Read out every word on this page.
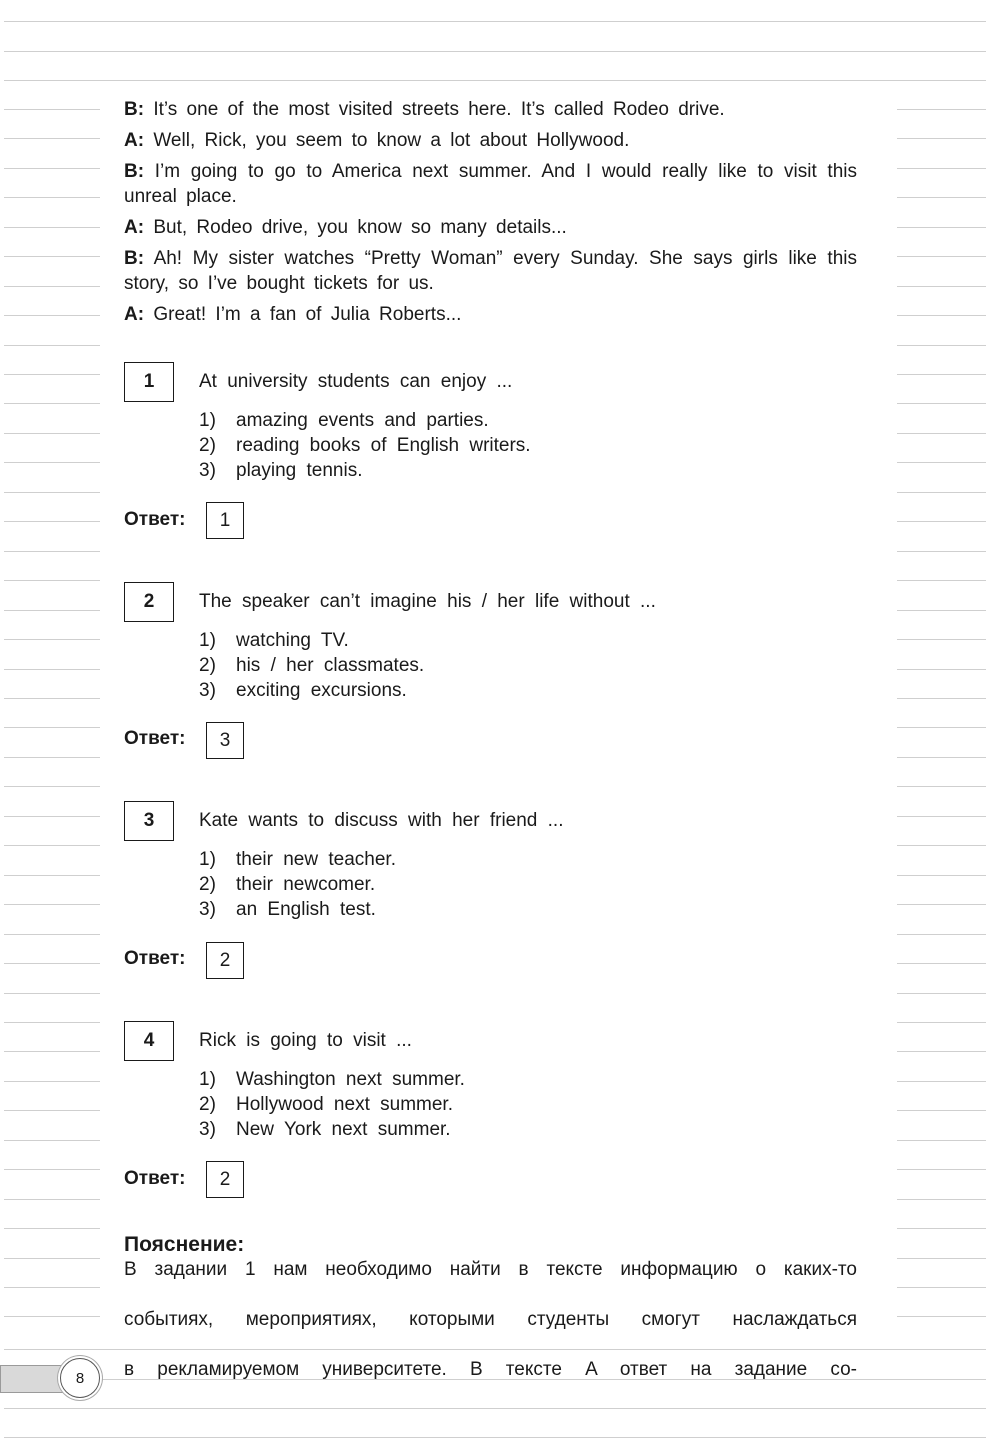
B: It’s one of the most visited streets here. It’s called Rodeo drive.

A: Well, Rick, you seem to know a lot about Hollywood.

B: I’m going to go to America next summer. And I would really like to visit this unreal place.

A: But, Rodeo drive, you know so many details...

B: Ah! My sister watches “Pretty Woman” every Sunday. She says girls like this story, so I’ve bought tickets for us.

A: Great! I’m a fan of Julia Roberts...

1	At university students can enjoy ...
1) amazing events and parties.
2) reading books of English writers.
3) playing tennis.
Ответ:	1
2	The speaker can’t imagine his / her life without ...
1) watching TV.
2) his / her classmates.
3) exciting excursions.
Ответ:	3
3	Kate wants to discuss with her friend ...
1) their new teacher.
2) their newcomer.
3) an English test.
Ответ:	2
4	Rick is going to visit ...
1) Washington next summer.
2) Hollywood next summer.
3) New York next summer.
Ответ:	2
Пояснение:

В задании 1 нам необходимо найти в тексте информацию о каких-то

событиях, мероприятиях, которыми студенты смогут наслаждаться

в рекламируемом университете. В тексте A ответ на задание со-

8
